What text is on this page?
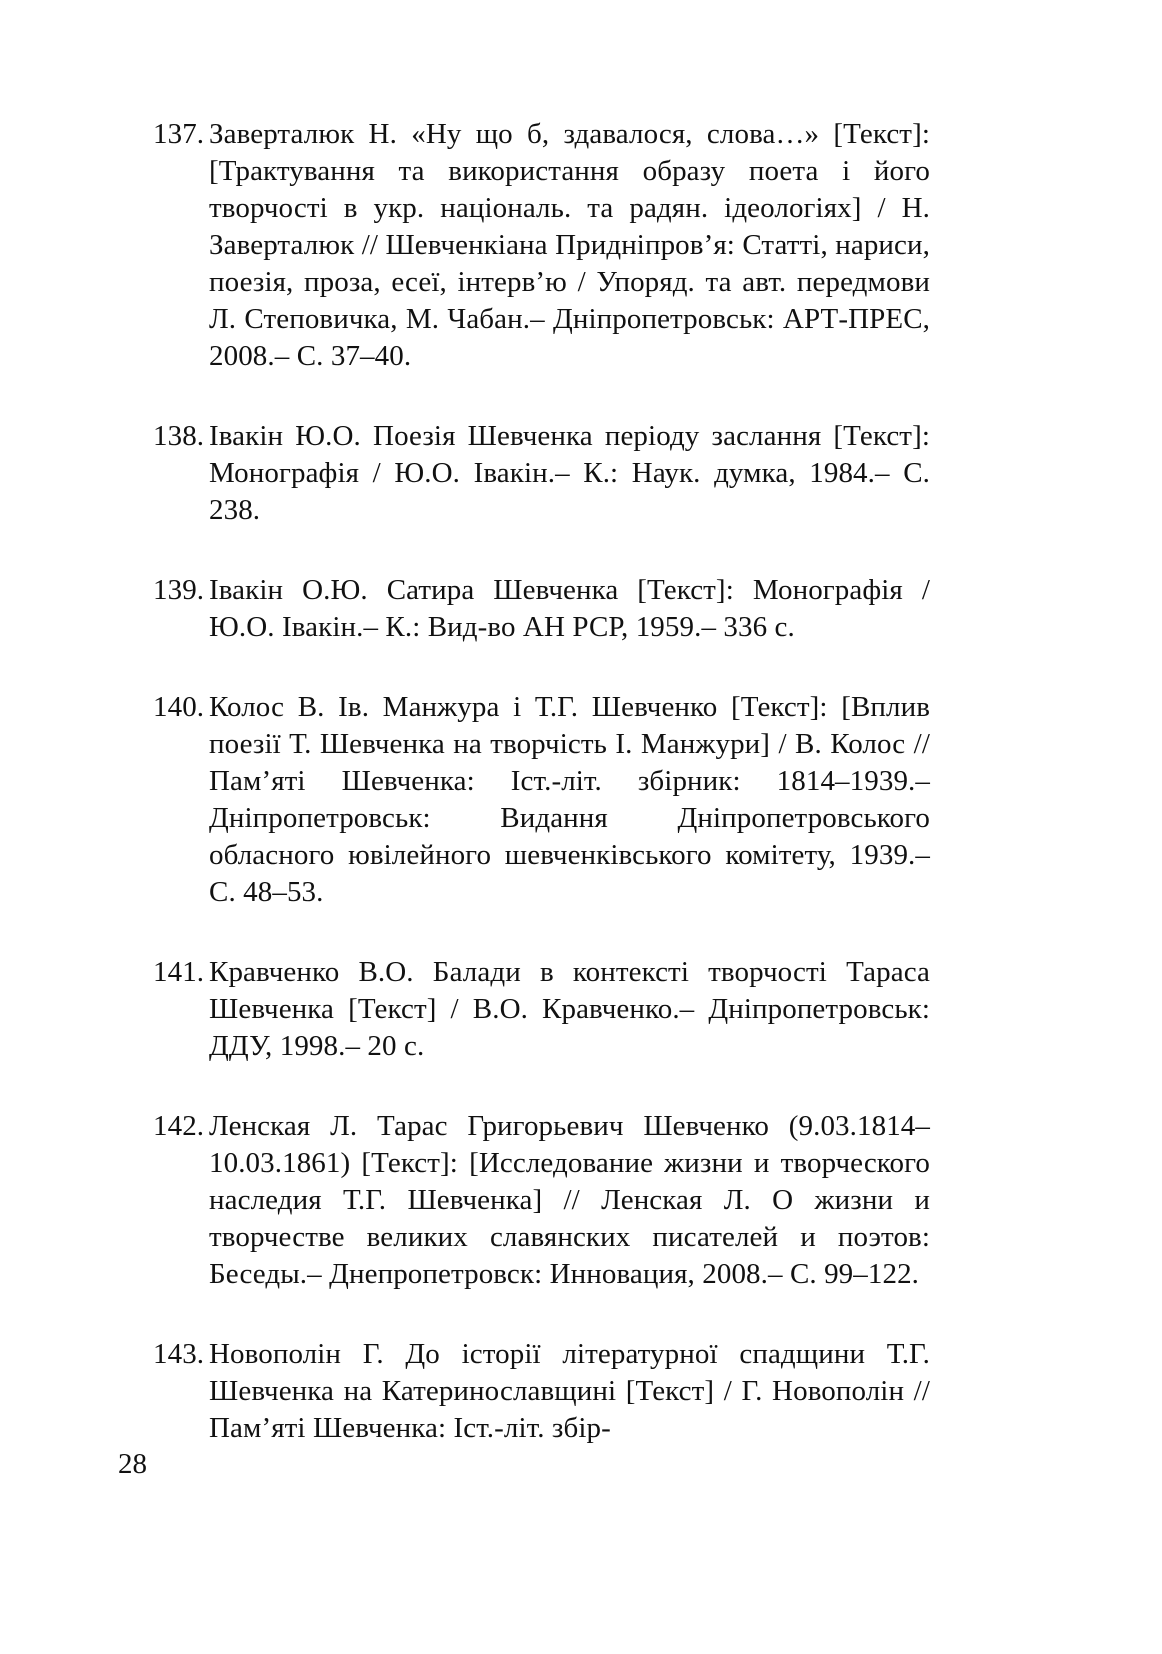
137. Заверталюк Н. «Ну що б, здавалося, слова…» [Текст]: [Трактування та використання образу поета і його творчості в укр. національ. та радян. ідеологіях] / Н. Заверталюк // Шевченкіана Придніпров’я: Статті, нариси, поезія, проза, есеї, інтерв’ю / Упоряд. та авт. передмови Л. Степовичка, М. Чабан.– Дніпропетровськ: АРТ-ПРЕС, 2008.– С. 37–40.
138. Івакін Ю.О. Поезія Шевченка періоду заслання [Текст]: Монографія / Ю.О. Івакін.– К.: Наук. думка, 1984.– С. 238.
139. Івакін О.Ю. Сатира Шевченка [Текст]: Монографія / Ю.О. Івакін.– К.: Вид-во АН РСР, 1959.– 336 с.
140. Колос В. Ів. Манжура і Т.Г. Шевченко [Текст]: [Вплив поезії Т. Шевченка на творчість І. Манжури] / В. Колос // Пам’яті Шевченка: Іст.-літ. збірник: 1814–1939.– Дніпропетровськ: Видання Дніпропетровського обласного ювілейного шевченківського комітету, 1939.– С. 48–53.
141. Кравченко В.О. Балади в контексті творчості Тараса Шевченка [Текст] / В.О. Кравченко.– Дніпропетровськ: ДДУ, 1998.– 20 с.
142. Ленская Л. Тарас Григорьевич Шевченко (9.03.1814–10.03.1861) [Текст]: [Исследование жизни и творческого наследия Т.Г. Шевченка] // Ленская Л. О жизни и творчестве великих славянских писателей и поэтов: Беседы.– Днепропетровск: Инновация, 2008.– С. 99–122.
143. Новополін Г. До історії літературної спадщини Т.Г. Шевченка на Катеринославщині [Текст] / Г. Новополін // Пам’яті Шевченка: Іст.-літ. збір-
28
